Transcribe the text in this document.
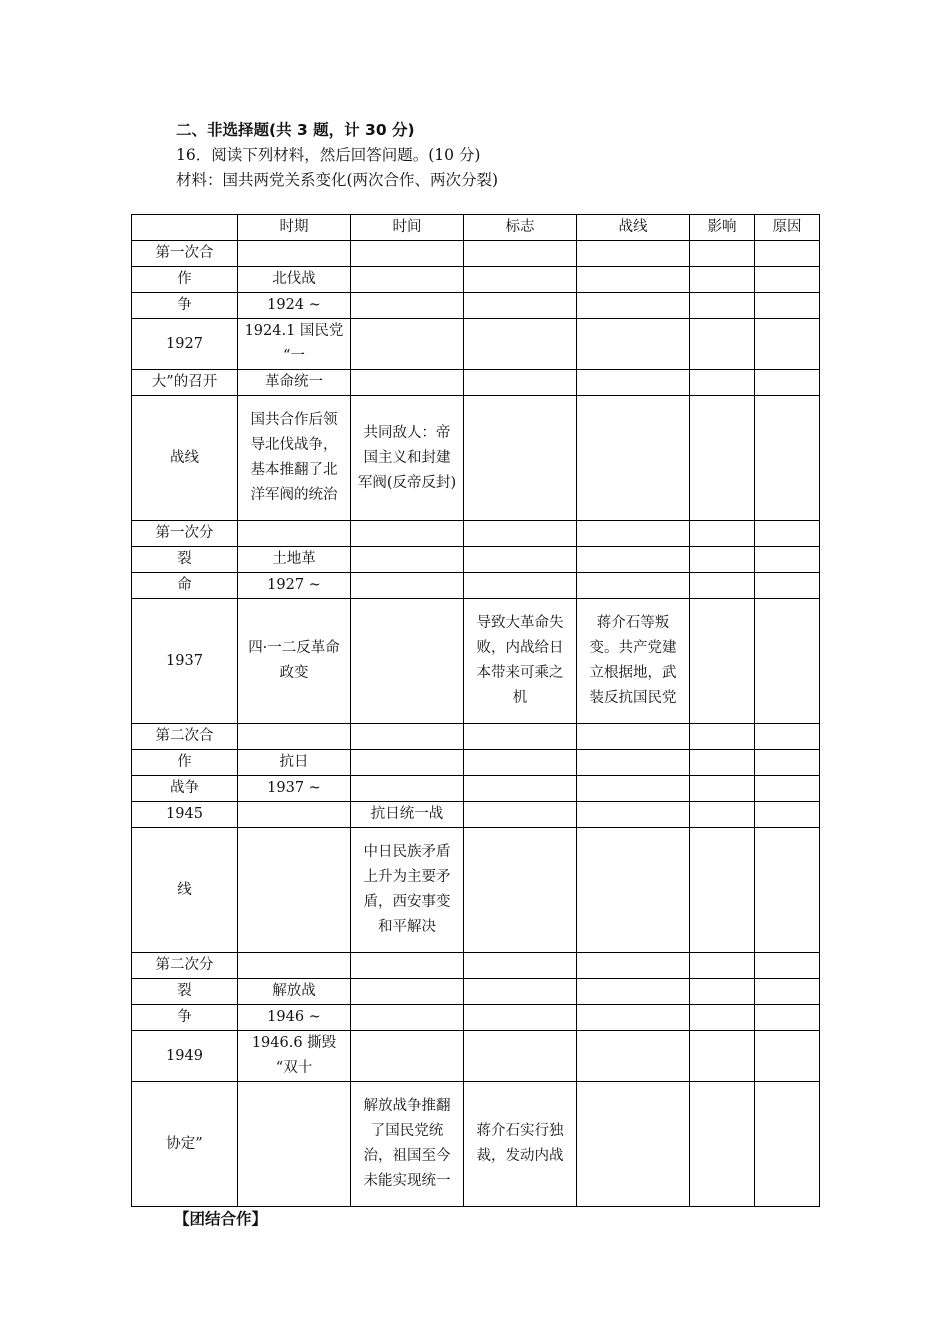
二、非选择题(共 3 题，计 30 分)
16．阅读下列材料，然后回答问题。(10 分)
材料：国共两党关系变化(两次合作、两次分裂)
	时期	时间	标志	战线	影响	原因
第一次合						
作	北伐战					
争	1924 ~					
1927	1924.1 国民党 “一					
大”的召开	革命统一					
战线	国共合作后领导北伐战争，基本推翻了北洋军阀的统治	共同敌人：帝国主义和封建军阀(反帝反封)				
第一次分						
裂	土地革					
命	1927 ~					
1937	四·一二反革命政变		导致大革命失败，内战给日本带来可乘之机	蒋介石等叛变。共产党建立根据地，武装反抗国民党		
第二次合						
作	抗日					
战争	1937 ~					
1945		抗日统一战				
线		中日民族矛盾上升为主要矛盾，西安事变和平解决				
第二次分						
裂	解放战					
争	1946 ~					
1949	1946.6 撕毁 “双十					
协定”		解放战争推翻了国民党统治，祖国至今未能实现统一	蒋介石实行独裁，发动内战			
【团结合作】
